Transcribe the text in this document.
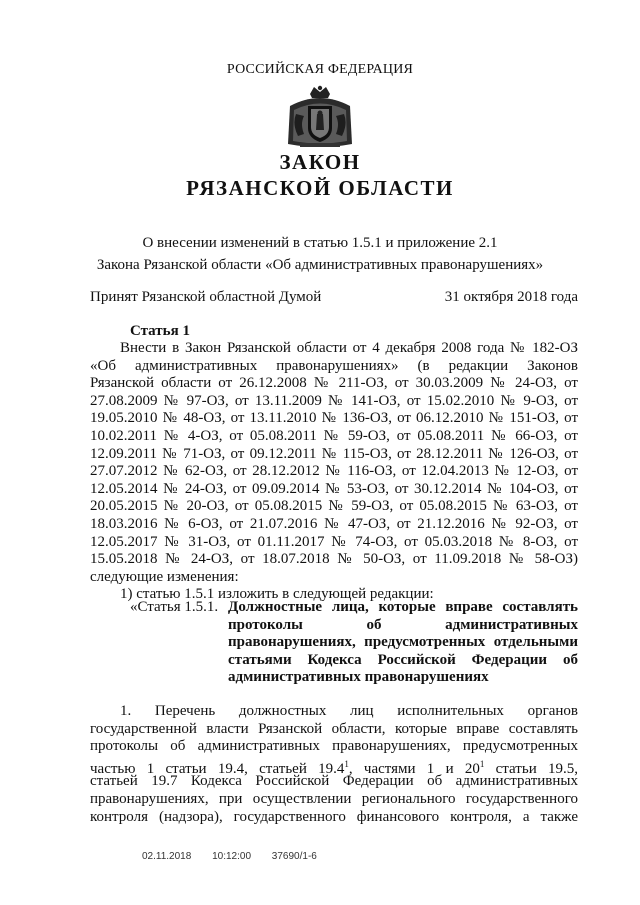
РОССИЙСКАЯ ФЕДЕРАЦИЯ
ЗАКОН
РЯЗАНСКОЙ ОБЛАСТИ
О внесении изменений в статью 1.5.1 и приложение 2.1
Закона Рязанской области «Об административных правонарушениях»
Принят Рязанской областной Думой	31 октября 2018 года
Статья 1
Внести в Закон Рязанской области от 4 декабря 2008 года № 182-ОЗ
«Об административных правонарушениях» (в редакции Законов
Рязанской области от 26.12.2008 № 211-ОЗ, от 30.03.2009 № 24-ОЗ, от
27.08.2009 № 97-ОЗ, от 13.11.2009 № 141-ОЗ, от 15.02.2010 № 9-ОЗ, от
19.05.2010 № 48-ОЗ, от 13.11.2010 № 136-ОЗ, от 06.12.2010 № 151-ОЗ, от
10.02.2011 № 4-ОЗ, от 05.08.2011 № 59-ОЗ, от 05.08.2011 № 66-ОЗ, от
12.09.2011 № 71-ОЗ, от 09.12.2011 № 115-ОЗ, от 28.12.2011 № 126-ОЗ, от
27.07.2012 № 62-ОЗ, от 28.12.2012 № 116-ОЗ, от 12.04.2013 № 12-ОЗ, от
12.05.2014 № 24-ОЗ, от 09.09.2014 № 53-ОЗ, от 30.12.2014 № 104-ОЗ, от
20.05.2015 № 20-ОЗ, от 05.08.2015 № 59-ОЗ, от 05.08.2015 № 63-ОЗ, от
18.03.2016 № 6-ОЗ, от 21.07.2016 № 47-ОЗ, от 21.12.2016 № 92-ОЗ, от
12.05.2017 № 31-ОЗ, от 01.11.2017 № 74-ОЗ, от 05.03.2018 № 8-ОЗ, от
15.05.2018 № 24-ОЗ, от 18.07.2018 № 50-ОЗ, от 11.09.2018 № 58-ОЗ)
следующие изменения:
1) статью 1.5.1 изложить в следующей редакции:
«Статья 1.5.1. Должностные лица, которые вправе составлять
протоколы об административных
правонарушениях, предусмотренных отдельными
статьями Кодекса Российской Федерации об
административных правонарушениях
1. Перечень должностных лиц исполнительных органов
государственной власти Рязанской области, которые вправе составлять
протоколы об административных правонарушениях, предусмотренных
частью 1 статьи 19.4, статьей 19.4$^1$, частями 1 и $20^1$ статьи 19.5,
статьей 19.7 Кодекса Российской Федерации об административных
правонарушениях, при осуществлении регионального государственного
контроля (надзора), государственного финансового контроля, а также
02.11.2018 10:12:00 37690/1-6
